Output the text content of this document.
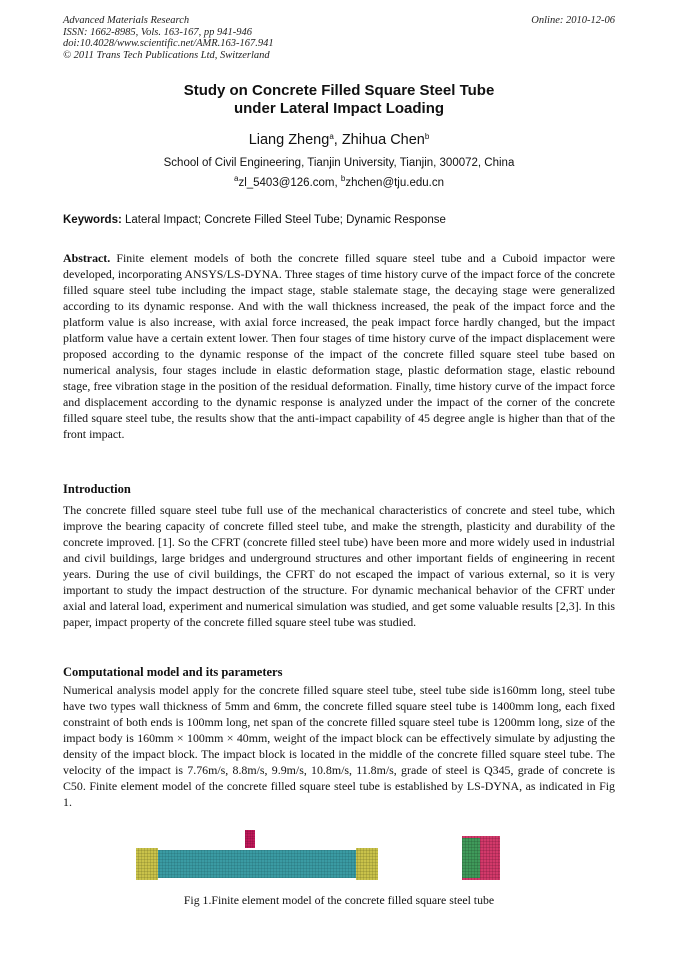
Advanced Materials Research
ISSN: 1662-8985, Vols. 163-167, pp 941-946
doi:10.4028/www.scientific.net/AMR.163-167.941
© 2011 Trans Tech Publications Ltd, Switzerland
Online: 2010-12-06
Study on Concrete Filled Square Steel Tube
under Lateral Impact Loading
Liang Zheng$^a$, Zhihua Chen$^b$
School of Civil Engineering, Tianjin University, Tianjin, 300072, China
$^a$zl_5403@126.com, $^b$zhchen@tju.edu.cn
Keywords: Lateral Impact; Concrete Filled Steel Tube; Dynamic Response

Abstract. Finite element models of both the concrete filled square steel tube and a Cuboid impactor were developed, incorporating ANSYS/LS-DYNA. Three stages of time history curve of the impact force of the concrete filled square steel tube including the impact stage, stable stalemate stage, the decaying stage were generalized according to its dynamic response. And with the wall thickness increased, the peak of the impact force and the platform value is also increase, with axial force increased, the peak impact force hardly changed, but the impact platform value have a certain extent lower. Then four stages of time history curve of the impact displacement were proposed according to the dynamic response of the impact of the concrete filled square steel tube based on numerical analysis, four stages include in elastic deformation stage, plastic deformation stage, elastic rebound stage, free vibration stage in the position of the residual deformation. Finally, time history curve of the impact force and displacement according to the dynamic response is analyzed under the impact of the corner of the concrete filled square steel tube, the results show that the anti-impact capability of 45 degree angle is higher than that of the front impact.

Introduction

The concrete filled square steel tube full use of the mechanical characteristics of concrete and steel tube, which improve the bearing capacity of concrete filled steel tube, and make the strength, plasticity and durability of the concrete improved. [1]. So the CFRT (concrete filled steel tube) have been more and more widely used in industrial and civil buildings, large bridges and underground structures and other important fields of engineering in recent years. During the use of civil buildings, the CFRT do not escaped the impact of various external, so it is very important to study the impact destruction of the structure. For dynamic mechanical behavior of the CFRT under axial and lateral load, experiment and numerical simulation was studied, and get some valuable results [2,3]. In this paper, impact property of the concrete filled square steel tube was studied.

Computational model and its parameters

Numerical analysis model apply for the concrete filled square steel tube, steel tube side is160mm long, steel tube have two types wall thickness of 5mm and 6mm, the concrete filled square steel tube is 1400mm long, each fixed constraint of both ends is 100mm long, net span of the concrete filled square steel tube is 1200mm long, size of the impact body is 160mm × 100mm × 40mm, weight of the impact block can be effectively simulate by adjusting the density of the impact block. The impact block is located in the middle of the concrete filled square steel tube. The velocity of the impact is 7.76m/s, 8.8m/s, 9.9m/s, 10.8m/s, 11.8m/s, grade of steel is Q345, grade of concrete is C50. Finite element model of the concrete filled square steel tube is established by LS-DYNA, as indicated in Fig 1.

Fig 1.Finite element model of the concrete filled square steel tube
